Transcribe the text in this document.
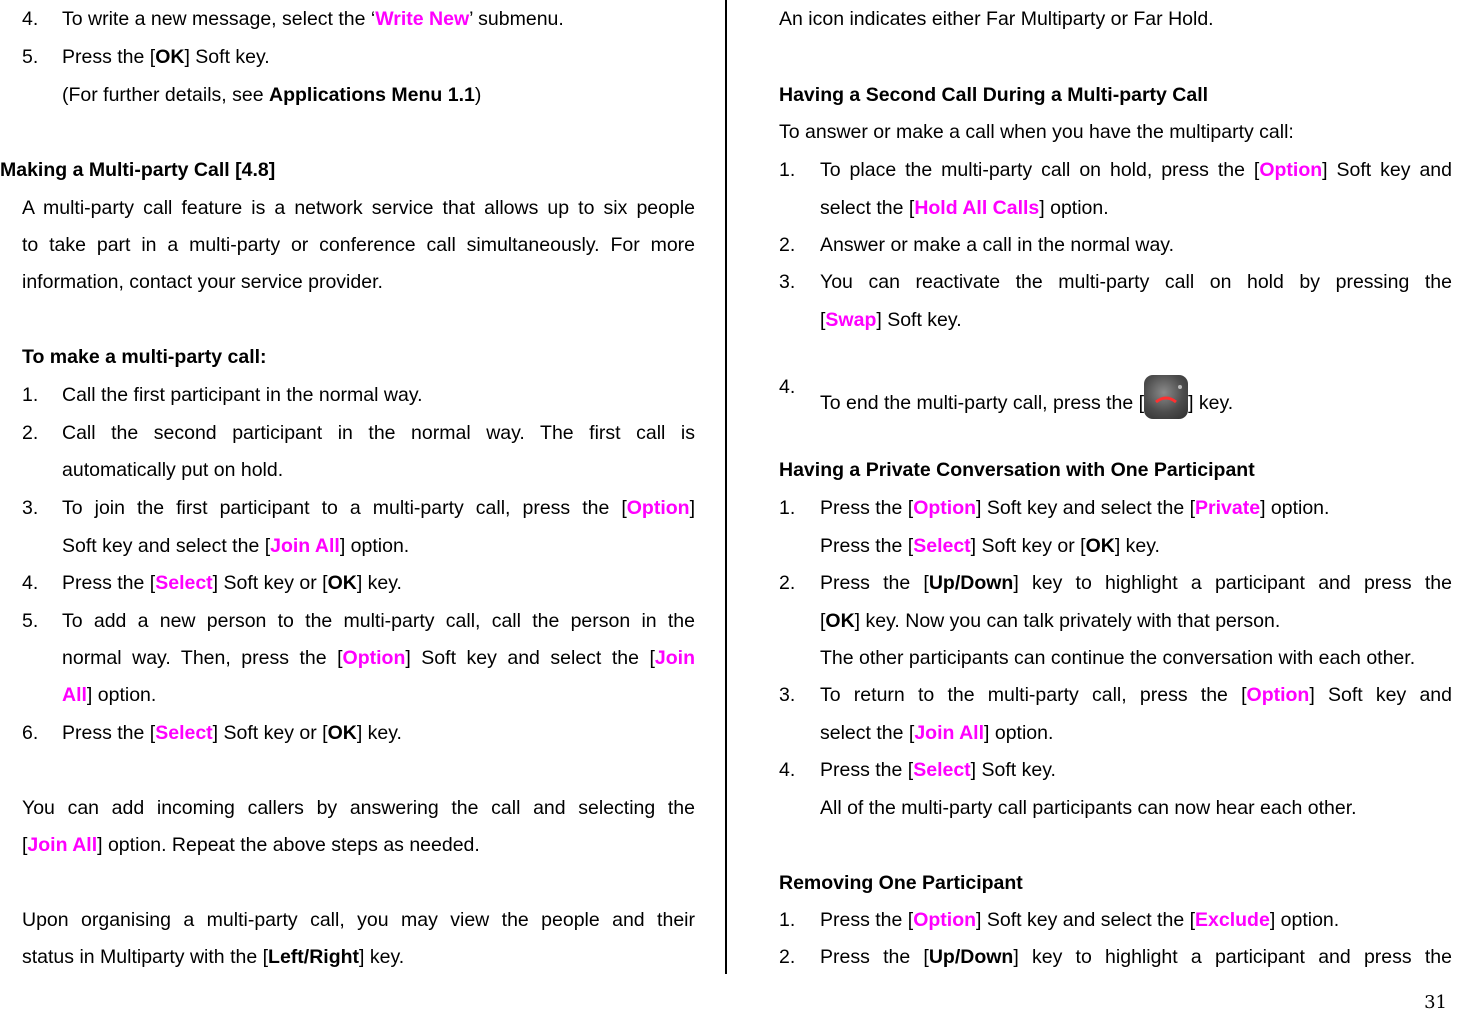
4. To write a new message, select the ‘Write New’ submenu.
5. Press the [OK] Soft key.
(For further details, see Applications Menu 1.1)
Making a Multi-party Call [4.8]
A multi-party call feature is a network service that allows up to six people
to take part in a multi-party or conference call simultaneously. For more
information, contact your service provider.
To make a multi-party call:
1. Call the first participant in the normal way.
2. Call the second participant in the normal way. The first call is
automatically put on hold.
3. To join the first participant to a multi-party call, press the [Option]
Soft key and select the [Join All] option.
4. Press the [Select] Soft key or [OK] key.
5. To add a new person to the multi-party call, call the person in the
normal way. Then, press the [Option] Soft key and select the [Join
All] option.
6. Press the [Select] Soft key or [OK] key.
You can add incoming callers by answering the call and selecting the
[Join All] option. Repeat the above steps as needed.
Upon organising a multi-party call, you may view the people and their
status in Multiparty with the [Left/Right] key.
An icon indicates either Far Multiparty or Far Hold.
Having a Second Call During a Multi-party Call
To answer or make a call when you have the multiparty call:
1. To place the multi-party call on hold, press the [Option] Soft key and
select the [Hold All Calls] option.
2. Answer or make a call in the normal way.
3. You can reactivate the multi-party call on hold by pressing the
[Swap] Soft key.
4.
To end the multi-party call, press the [ ] key.
Having a Private Conversation with One Participant
1. Press the [Option] Soft key and select the [Private] option.
Press the [Select] Soft key or [OK] key.
2. Press the [Up/Down] key to highlight a participant and press the
[OK] key. Now you can talk privately with that person.
The other participants can continue the conversation with each other.
3. To return to the multi-party call, press the [Option] Soft key and
select the [Join All] option.
4. Press the [Select] Soft key.
All of the multi-party call participants can now hear each other.
Removing One Participant
1. Press the [Option] Soft key and select the [Exclude] option.
2. Press the [Up/Down] key to highlight a participant and press the
31
